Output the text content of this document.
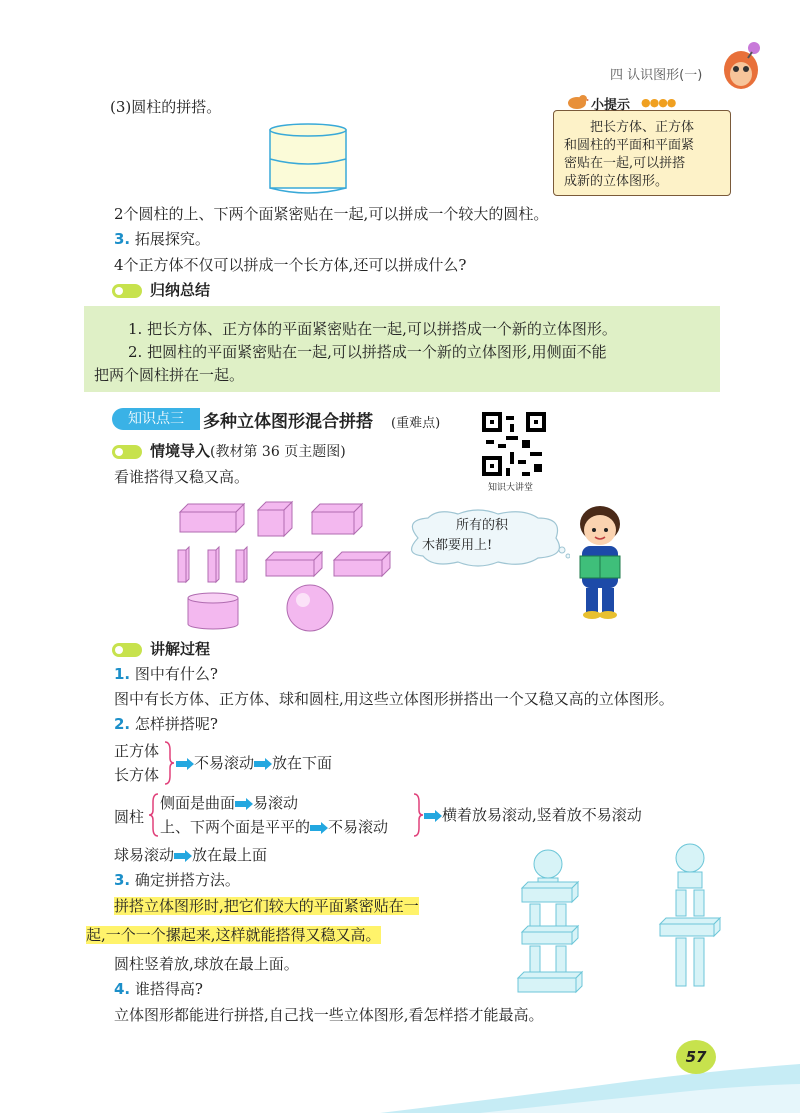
四 认识图形(一)
(3)圆柱的拼搭。	小提示 ●●●●
把长方体、正方体
和圆柱的平面和平面紧
密贴在一起,可以拼搭
成新的立体图形。
2个圆柱的上、下两个面紧密贴在一起,可以拼成一个较大的圆柱。
3. 拓展探究。
4个正方体不仅可以拼成一个长方体,还可以拼成什么?
归纳总结
1. 把长方体、正方体的平面紧密贴在一起,可以拼搭成一个新的立体图形。
2. 把圆柱的平面紧密贴在一起,可以拼搭成一个新的立体图形,用侧面不能
把两个圆柱拼在一起。
知识点三	多种立体图形混合拼搭 (重难点)
知识大讲堂
情境导入(教材第 36 页主题图)
看谁搭得又稳又高。
所有的积
木都要用上!
讲解过程
1. 图中有什么?
图中有长方体、正方体、球和圆柱,用这些立体图形拼搭出一个又稳又高的立体图形。
2. 怎样拼搭呢?
正方体
长方体
不易滚动 放在下面
圆柱
侧面是曲面 易滚动
上、下两个面是平平的 不易滚动
横着放易滚动,竖着放不易滚动
球易滚动 放在最上面
3. 确定拼搭方法。
拼搭立体图形时,把它们较大的平面紧密贴在一
起,一个一个摞起来,这样就能搭得又稳又高。
圆柱竖着放,球放在最上面。
4. 谁搭得高?
立体图形都能进行拼搭,自己找一些立体图形,看怎样搭才能最高。
57
